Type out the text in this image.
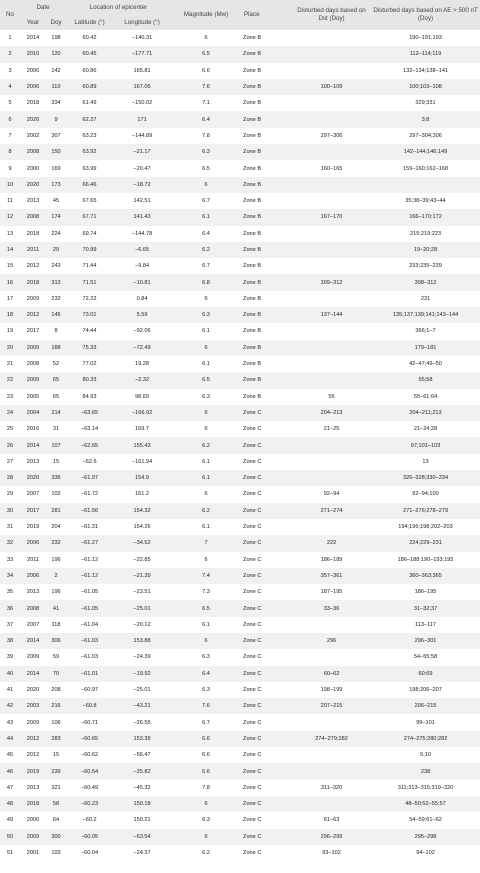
No	Date		Location of epicenter		Magnitude (Mw)	Place	Disturbed days based on Dst (Doy)	Disturbed days based on AE > 500 nT (Doy)
	Year	Doy	Latitude (°)	Longitude (°)				
1	2014	198	60.42	−140.31	6	Zone B		190–191;193
2	2010	120	60.45	−177.71	6.5	Zone B		112–114;119
3	2006	142	60.86	165.81	6.6	Zone B		132–134;138–141
4	2006	110	60.89	167.05	7.6	Zone B	100–109	100;103–108
5	2018	334	61.49	−150.02	7.1	Zone B		329;331
6	2020	9	62.27	171	6.4	Zone B		3;8
7	2002	307	63.23	−144.89	7.8	Zone B	297–306	297–304;306
8	2008	150	63.92	−21.17	6.3	Zone B		142–144;146;149
9	2000	169	63.99	−20.47	6.5	Zone B	160–165	159–160;162–168
10	2020	173	66.46	−18.72	6	Zone B		
11	2013	45	67.65	142.51	6.7	Zone B		35;38–39;43–44
12	2008	174	67.71	141.43	6.1	Zone B	167–170	166–170;172
13	2018	224	69.74	−144.78	6.4	Zone B		215;219;223
14	2011	29	70.99	−6.65	6.2	Zone B		19–20;28
15	2012	243	71.44	−9.84	6.7	Zone B		233;235–239
16	2018	313	71.51	−10.81	6.8	Zone B	309–312	308–312
17	2009	232	72.22	0.84	6	Zone B		231
18	2012	145	73.01	5.59	6.3	Zone B	137–144	135;137;139;141;143–144
19	2017	8	74.44	−92.06	6.1	Zone B		366;1–7
20	2009	188	75.33	−72.49	6	Zone B		179–181
21	2008	52	77.02	19.28	6.1	Zone B		42–47;49–50
22	2009	65	80.33	−2.32	6.5	Zone B		55;58
23	2005	65	84.93	98.69	6.3	Zone B	55	55–61;64
24	2004	214	−63.65	−166.92	6	Zone C	204–213	204–211;213
25	2016	31	−63.14	169.7	6	Zone C	21–25	21–24;28
26	2014	107	−62.65	155.43	6.2	Zone C		97;101–103
27	2013	15	−62.6	−161.94	6.1	Zone C		13
28	2020	336	−61.97	154.9	6.1	Zone C		326–328;330–334
29	2007	102	−61.72	161.2	6	Zone C	92–94	92–94;100
30	2017	281	−61.56	154.32	6.2	Zone C	271–274	271–276;278–279
31	2019	204	−61.31	154.26	6.1	Zone C		194;196;198;202–203
32	2006	232	−61.27	−34.52	7	Zone C	222	224;229–231
33	2011	196	−61.12	−22.85	6	Zone C	186–189	186–188;190–193;195
34	2006	2	−61.12	−21.39	7.4	Zone C	357–361	360–363;365
35	2013	196	−61.05	−23.51	7.3	Zone C	187–195	186–195
36	2008	41	−61.05	−25.01	6.5	Zone C	33–36	31–32;37
37	2007	118	−61.04	−20.12	6.1	Zone C		113–117
38	2014	306	−61.03	153.88	6	Zone C	296	296–301
39	2009	59	−61.03	−24.39	6.3	Zone C		54–55;58
40	2014	70	−61.01	−19.92	6.4	Zone C	60–62	60;69
41	2020	208	−60.97	−25.01	6.3	Zone C	198–199	198;206–207
42	2003	216	−60.8	−43.21	7.6	Zone C	207–215	206–215
43	2009	106	−60.71	−26.55	6.7	Zone C		99–101
44	2012	283	−60.65	153.39	6.6	Zone C	274–279;282	274–275;280;282
45	2012	15	−60.62	−56.47	6.6	Zone C		5;10
46	2019	239	−60.54	−25.82	6.6	Zone C		238
47	2013	321	−60.49	−45.32	7.8	Zone C	311–320	311;313–315;319–320
48	2018	58	−60.23	150.18	6	Zone C		48–50;52–55;57
49	2000	64	−60.2	150.21	6.3	Zone C	61–63	54–59;61–62
50	2009	300	−60.05	−63.54	6	Zone C	296–299	295–298
51	2001	103	−60.04	−24.37	6.2	Zone C	93–102	94–102
